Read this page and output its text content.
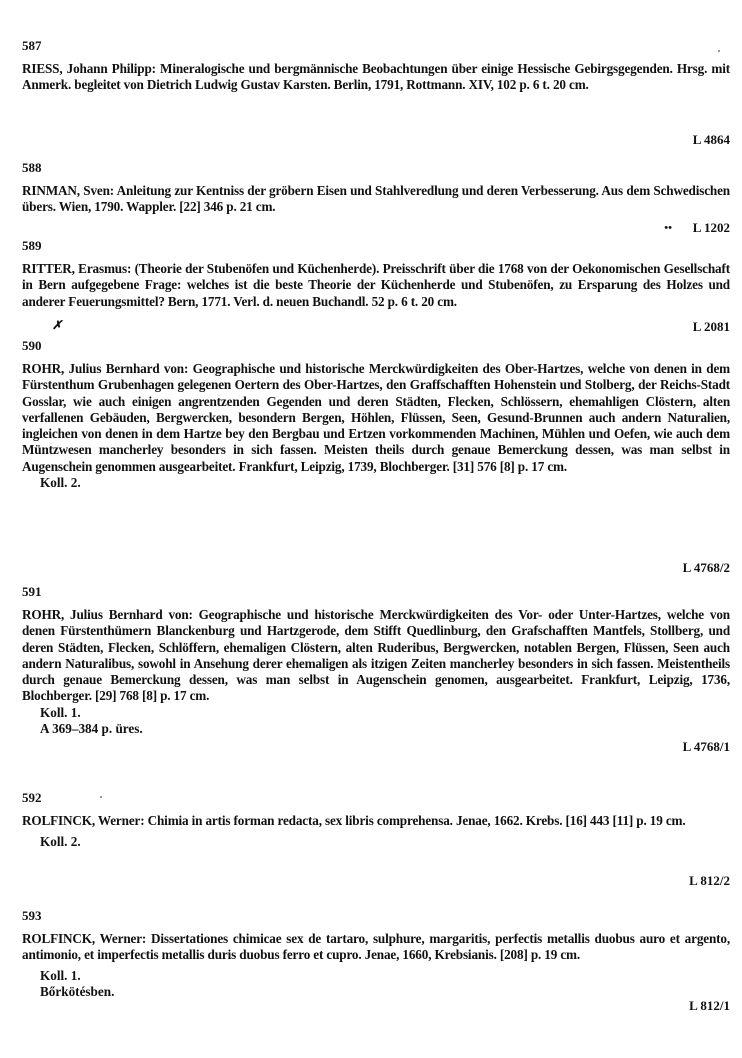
587

RIESS, Johann Philipp: Mineralogische und bergmännische Beobachtungen über einige Hessische Gebirgsgegenden. Hrsg. mit Anmerk. begleitet von Dietrich Ludwig Gustav Karsten. Berlin, 1791, Rottmann. XIV, 102 p. 6 t. 20 cm.

L 4864
588

RINMAN, Sven: Anleitung zur Kentniss der gröbern Eisen und Stahlveredlung und deren Verbesserung. Aus dem Schwedischen übers. Wien, 1790. Wappler. [22] 346 p. 21 cm.

•• L 1202
589

RITTER, Erasmus: (Theorie der Stubenöfen und Küchenherde). Preisschrift über die 1768 von der Oekonomischen Gesellschaft in Bern aufgegebene Frage: welches ist die beste Theorie der Küchenherde und Stubenöfen, zu Ersparung des Holzes und anderer Feuerungsmittel? Bern, 1771. Verl. d. neuen Buchandl. 52 p. 6 t. 20 cm.

✗	L 2081
590

ROHR, Julius Bernhard von: Geographische und historische Merckwürdigkeiten des Ober-Hartzes, welche von denen in dem Fürstenthum Grubenhagen gelegenen Oertern des Ober-Hartzes, den Graffschafften Hohenstein und Stolberg, der Reichs-Stadt Gosslar, wie auch einigen angrentzenden Gegenden und deren Städten, Flecken, Schlössern, ehemahligen Clöstern, alten verfallenen Gebäuden, Bergwercken, besondern Bergen, Höhlen, Flüssen, Seen, Gesund-Brunnen auch andern Naturalien, ingleichen von denen in dem Hartze bey den Bergbau und Ertzen vorkommenden Machinen, Mühlen und Oefen, wie auch dem Müntzwesen mancherley besonders in sich fassen. Meisten theils durch genaue Bemerckung dessen, was man selbst in Augenschein genommen ausgearbeitet. Frankfurt, Leipzig, 1739, Blochberger. [31] 576 [8] p. 17 cm.

Koll. 2.
L 4768/2
591

ROHR, Julius Bernhard von: Geographische und historische Merckwürdigkeiten des Vor- oder Unter-Hartzes, welche von denen Fürstenthümern Blanckenburg und Hartzgerode, dem Stifft Quedlinburg, den Grafschafften Mantfels, Stollberg, und deren Städten, Flecken, Schlöffern, ehemaligen Clöstern, alten Ruderibus, Bergwercken, notablen Bergen, Flüssen, Seen auch andern Naturalibus, sowohl in Ansehung derer ehemaligen als itzigen Zeiten mancherley besonders in sich fassen. Meistentheils durch genaue Bemerckung dessen, was man selbst in Augenschein genomen, ausgearbeitet. Frankfurt, Leipzig, 1736, Blochberger. [29] 768 [8] p. 17 cm.

Koll. 1.
A 369–384 p. üres.
L 4768/1
592

ROLFINCK, Werner: Chimia in artis forman redacta, sex libris comprehensa. Jenae, 1662. Krebs. [16] 443 [11] p. 19 cm.

Koll. 2.
L 812/2
593

ROLFINCK, Werner: Dissertationes chimicae sex de tartaro, sulphure, margaritis, perfectis metallis duobus auro et argento, antimonio, et imperfectis metallis duris duobus ferro et cupro. Jenae, 1660, Krebsianis. [208] p. 19 cm.

Koll. 1.
Bőrkötésben.
L 812/1
